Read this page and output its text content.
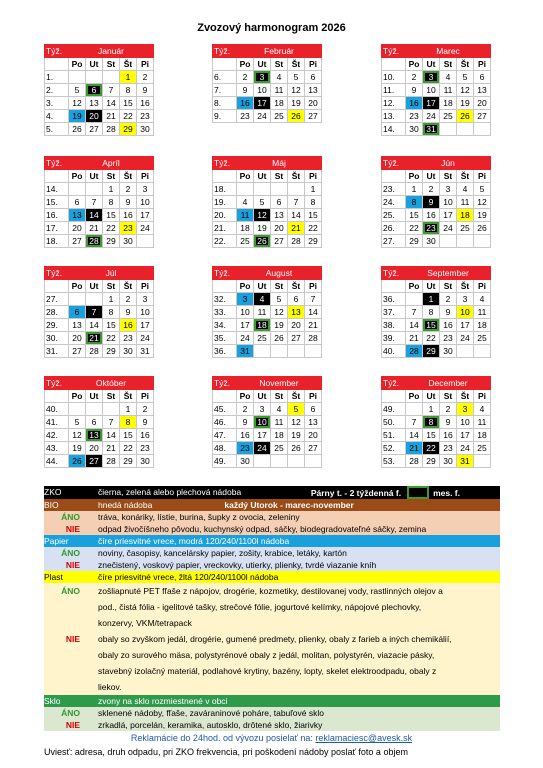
Zvozový harmonogram 2026
Týž.	Január				
	Po	Ut	St	Št	Pi
1.				1	2
2.	5	6	7	8	9
3.	12	13	14	15	16
4.	19	20	21	22	23
5.	26	27	28	29	30
Týž.	Február				
	Po	Ut	St	Št	Pi
6.	2	3	4	5	6
7.	9	10	11	12	13
8.	16	17	18	19	20
9.	23	24	25	26	27
Týž.	Marec				
	Po	Ut	St	Št	Pi
10.	2	3	4	5	6
11.	9	10	11	12	13
12.	16	17	18	19	20
13.	23	24	25	26	27
14.	30	31			
Týž.	Apríl				
	Po	Ut	St	Št	Pi
14.			1	2	3
15.	6	7	8	9	10
16.	13	14	15	16	17
17.	20	21	22	23	24
18.	27	28	29	30	
Týž.	Máj				
	Po	Ut	St	Št	Pi
18.					1
19.	4	5	6	7	8
20.	11	12	13	14	15
21.	18	19	20	21	22
22.	25	26	27	28	29
Týž.	Jún				
	Po	Ut	St	Št	Pi
23.	1	2	3	4	5
24.	8	9	10	11	12
25.	15	16	17	18	19
26.	22	23	24	25	26
27.	29	30			
Týž.	Júl				
	Po	Ut	St	Št	Pi
27.			1	2	3
28.	6	7	8	9	10
29.	13	14	15	16	17
30.	20	21	22	23	24
31.	27	28	29	30	31
Týž.	August				
	Po	Ut	St	Št	Pi
32.	3	4	5	6	7
33.	10	11	12	13	14
34.	17	18	19	20	21
35.	24	25	26	27	28
36.	31				
Týž.	September				
	Po	Ut	St	Št	Pi
36.		1	2	3	4
37.	7	8	9	10	11
38.	14	15	16	17	18
39.	21	22	23	24	25
40.	28	29	30		
Týž.	Október				
	Po	Ut	St	Št	Pi
40.				1	2
41.	5	6	7	8	9
42.	12	13	14	15	16
43.	19	20	21	22	23
44.	26	27	28	29	30
Týž.	November				
	Po	Ut	St	Št	Pi
45.	2	3	4	5	6
46.	9	10	11	12	13
47.	16	17	18	19	20
48.	23	24	25	26	27
49.	30				
Týž.	December				
	Po	Ut	St	Št	Pi
49.		1	2	3	4
50.	7	8	9	10	11
51.	14	15	16	17	18
52.	21	22	23	24	25
53.	28	29	30	31	
ZKO	čierna, zelená alebo plechová nádoba	Párny t. - 2 týždenná f.	mes. f.
BIO	hnedá nádoba	každý Utorok - marec-november
ÁNO	tráva, konáriky, lístie, burina, šupky z ovocia, zeleniny
NIE	odpad živočíšneho pôvodu, kuchynský odpad, sáčky, biodegradovateľné sáčky, zemina
Papier	číre priesvitné vrece, modrá 120/240/1100l nádoba
ÁNO	noviny, časopisy, kancelársky papier, zošity, krabice, letáky, kartón
NIE	znečistený, voskový papier, vreckovky, utierky, plienky, tvrdé viazanie kníh
Plast	číre priesvitné vrece, žltá 120/240/1100l nádoba
ÁNO	zošliapnuté PET fľaše z nápojov, drogérie, kozmetiky, destilovanej vody, rastlinných olejov a
pod., čistá fólia - igelitové tašky, strečové fólie, jogurtové kelímky, nápojové plechovky,
konzervy, VKM/tetrapack
NIE	obaly so zvyškom jedál, drogérie, gumené predmety, plienky, obaly z farieb a iných chemikálií,
obaly zo surového mäsa, polystyrénové obaly z jedál, molitan, polystyrén, viazacie pásky,
stavebný izolačný materiál, podlahové krytiny, bazény, lopty, skelet elektroodpadu, obaly z
liekov.
Sklo	zvony na sklo rozmiestnené v obci
ÁNO	sklenené nádoby, fľaše, zaváraninové poháre, tabuľové sklo
NIE	zrkadlá, porcelán, keramika, autosklo, drôtené sklo, žiarivky
Reklamácie do 24hod. od vývozu posielať na: reklamaciesc@avesk.sk
Uviesť: adresa, druh odpadu, pri ZKO frekvencia, pri poškodení nádoby poslať foto a objem
